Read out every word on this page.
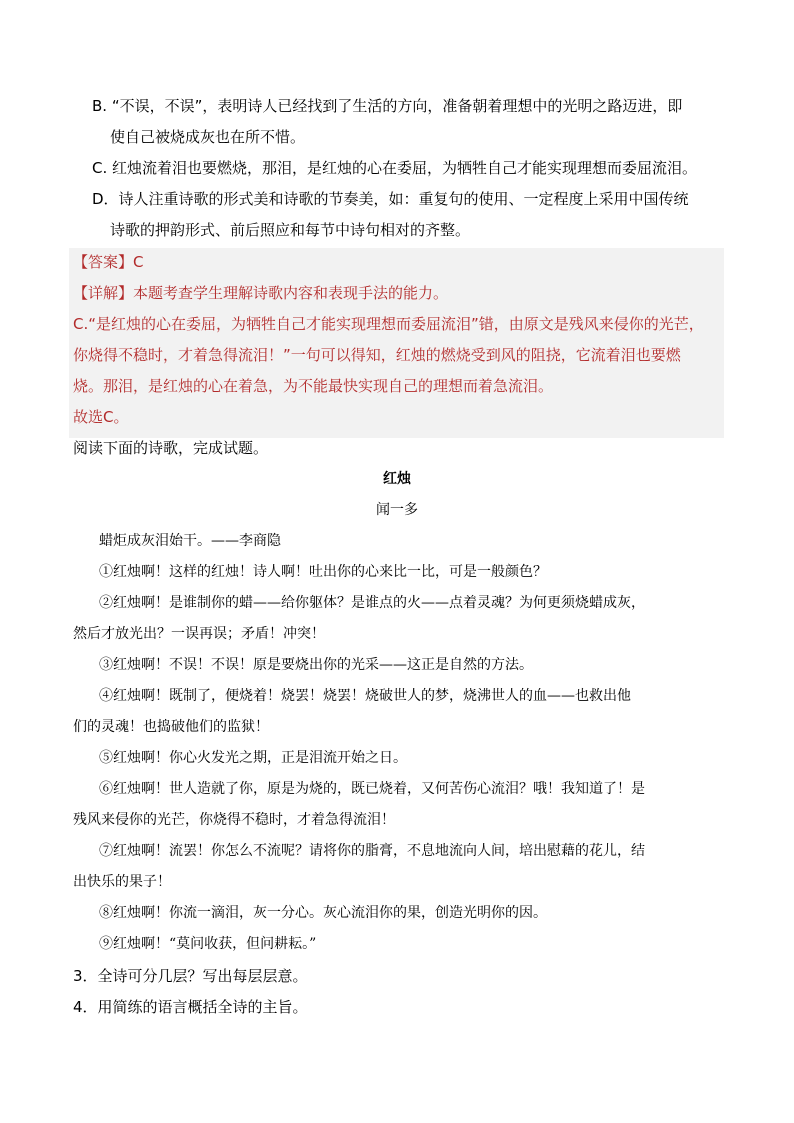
B. “不误，不误”，表明诗人已经找到了生活的方向，准备朝着理想中的光明之路迈进，即
使自己被烧成灰也在所不惜。
C. 红烛流着泪也要燃烧，那泪，是红烛的心在委屈，为牺牲自己才能实现理想而委屈流泪。
D．诗人注重诗歌的形式美和诗歌的节奏美，如：重复句的使用、一定程度上采用中国传统
诗歌的押韵形式、前后照应和每节中诗句相对的齐整。
【答案】C
【详解】本题考查学生理解诗歌内容和表现手法的能力。
C.“是红烛的心在委屈，为牺牲自己才能实现理想而委屈流泪”错，由原文是残风来侵你的光芒，
你烧得不稳时，才着急得流泪！”一句可以得知，红烛的燃烧受到风的阻挠，它流着泪也要燃
烧。那泪，是红烛的心在着急，为不能最快实现自己的理想而着急流泪。
故选C。
阅读下面的诗歌，完成试题。
红烛
闻一多
蜡炬成灰泪始干。——李商隐
①红烛啊！这样的红烛！诗人啊！吐出你的心来比一比，可是一般颜色？
②红烛啊！是谁制你的蜡——给你躯体？是谁点的火——点着灵魂？为何更须烧蜡成灰，
然后才放光出？一误再误；矛盾！冲突！
③红烛啊！不误！不误！原是要烧出你的光采——这正是自然的方法。
④红烛啊！既制了，便烧着！烧罢！烧罢！烧破世人的梦，烧沸世人的血——也救出他
们的灵魂！也捣破他们的监狱！
⑤红烛啊！你心火发光之期，正是泪流开始之日。
⑥红烛啊！世人造就了你，原是为烧的，既已烧着，又何苦伤心流泪？哦！我知道了！是
残风来侵你的光芒，你烧得不稳时，才着急得流泪！
⑦红烛啊！流罢！你怎么不流呢？请将你的脂膏，不息地流向人间，培出慰藉的花儿，结
出快乐的果子！
⑧红烛啊！你流一滴泪，灰一分心。灰心流泪你的果，创造光明你的因。
⑨红烛啊！“莫问收获，但问耕耘。”
3．全诗可分几层？写出每层层意。
4．用简练的语言概括全诗的主旨。
